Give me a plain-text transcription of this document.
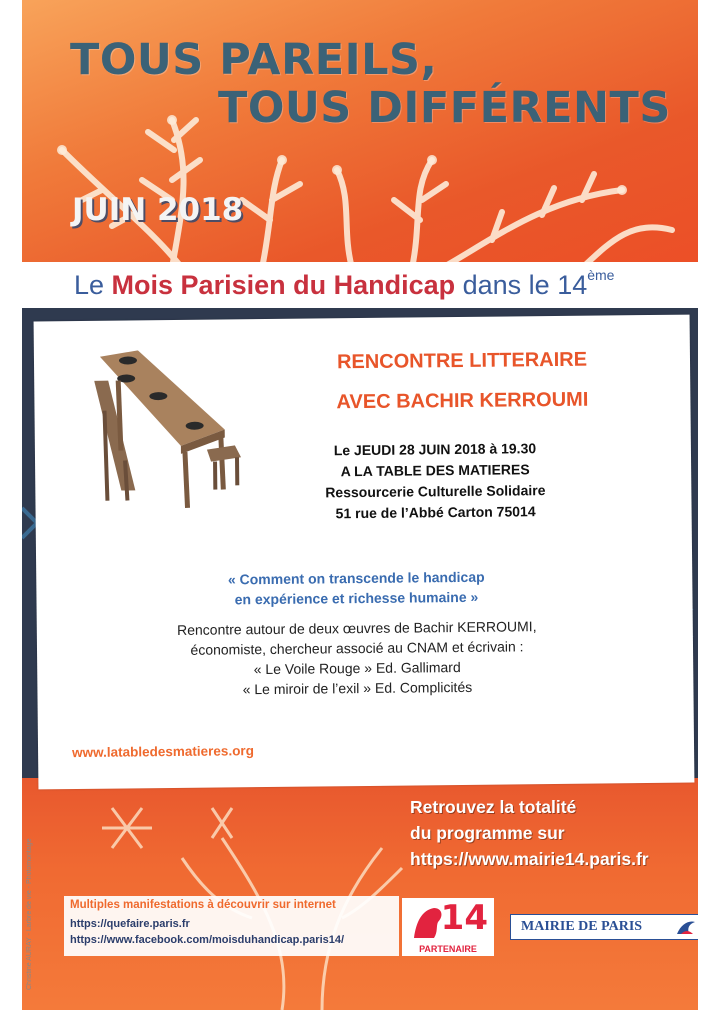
TOUS PAREILS,
TOUS DIFFÉRENTS
JUIN 2018
Le Mois Parisien du Handicap dans le 14ème
Retrouvez la totalité
du programme sur
https://www.mairie14.paris.fr
Multiples manifestations à découvrir sur internet
https://quefaire.paris.fr
https://www.facebook.com/moisduhandicap.paris14/
14
PARTENAIRE
MAIRIE DE PARIS
Christine AURAY - Larbre de vie - Photomontage
RENCONTRE LITTERAIRE
AVEC BACHIR KERROUMI
Le JEUDI 28 JUIN 2018 à 19.30
A LA TABLE DES MATIERES
Ressourcerie Culturelle Solidaire
51 rue de l’Abbé Carton 75014
« Comment on transcende le handicap
en expérience et richesse humaine »
Rencontre autour de deux œuvres de Bachir KERROUMI,
économiste, chercheur associé au CNAM et écrivain :
« Le Voile Rouge » Ed. Gallimard
« Le miroir de l’exil » Ed. Complicités
www.latabledesmatieres.org
